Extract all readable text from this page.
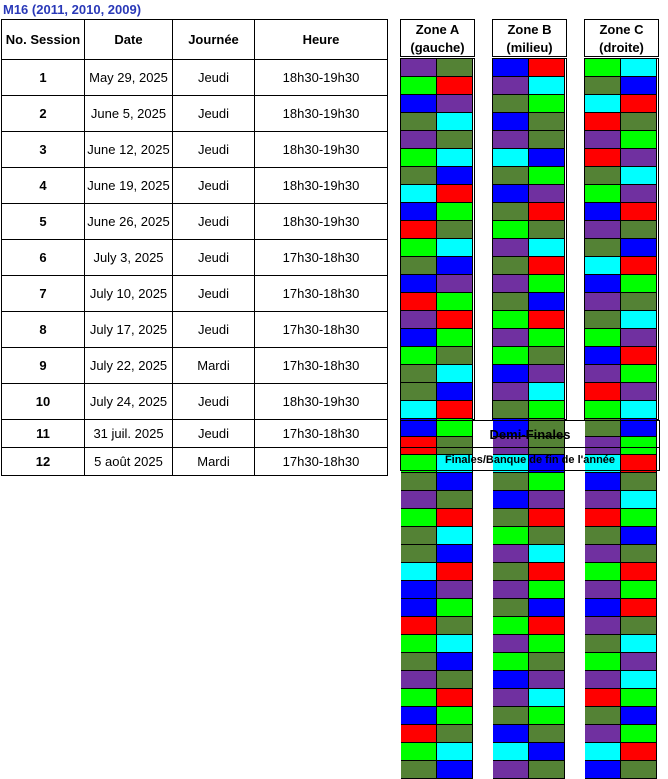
M16 (2011, 2010, 2009)
No. Session	Date	Journée	Heure
1	May 29, 2025	Jeudi	18h30-19h30
2	June 5, 2025	Jeudi	18h30-19h30
3	June 12, 2025	Jeudi	18h30-19h30
4	June 19, 2025	Jeudi	18h30-19h30
5	June 26, 2025	Jeudi	18h30-19h30
6	July 3, 2025	Jeudi	17h30-18h30
7	July 10, 2025	Jeudi	17h30-18h30
8	July 17, 2025	Jeudi	17h30-18h30
9	July 22, 2025	Mardi	17h30-18h30
10	July 24, 2025	Jeudi	18h30-19h30
11	31 juil. 2025	Jeudi	17h30-18h30
12	5 août 2025	Mardi	17h30-18h30
Zone A
(gauche)
Zone B
(milieu)
Zone C
(droite)
Demi-Finales
Finales/Banque de fin de l'année
